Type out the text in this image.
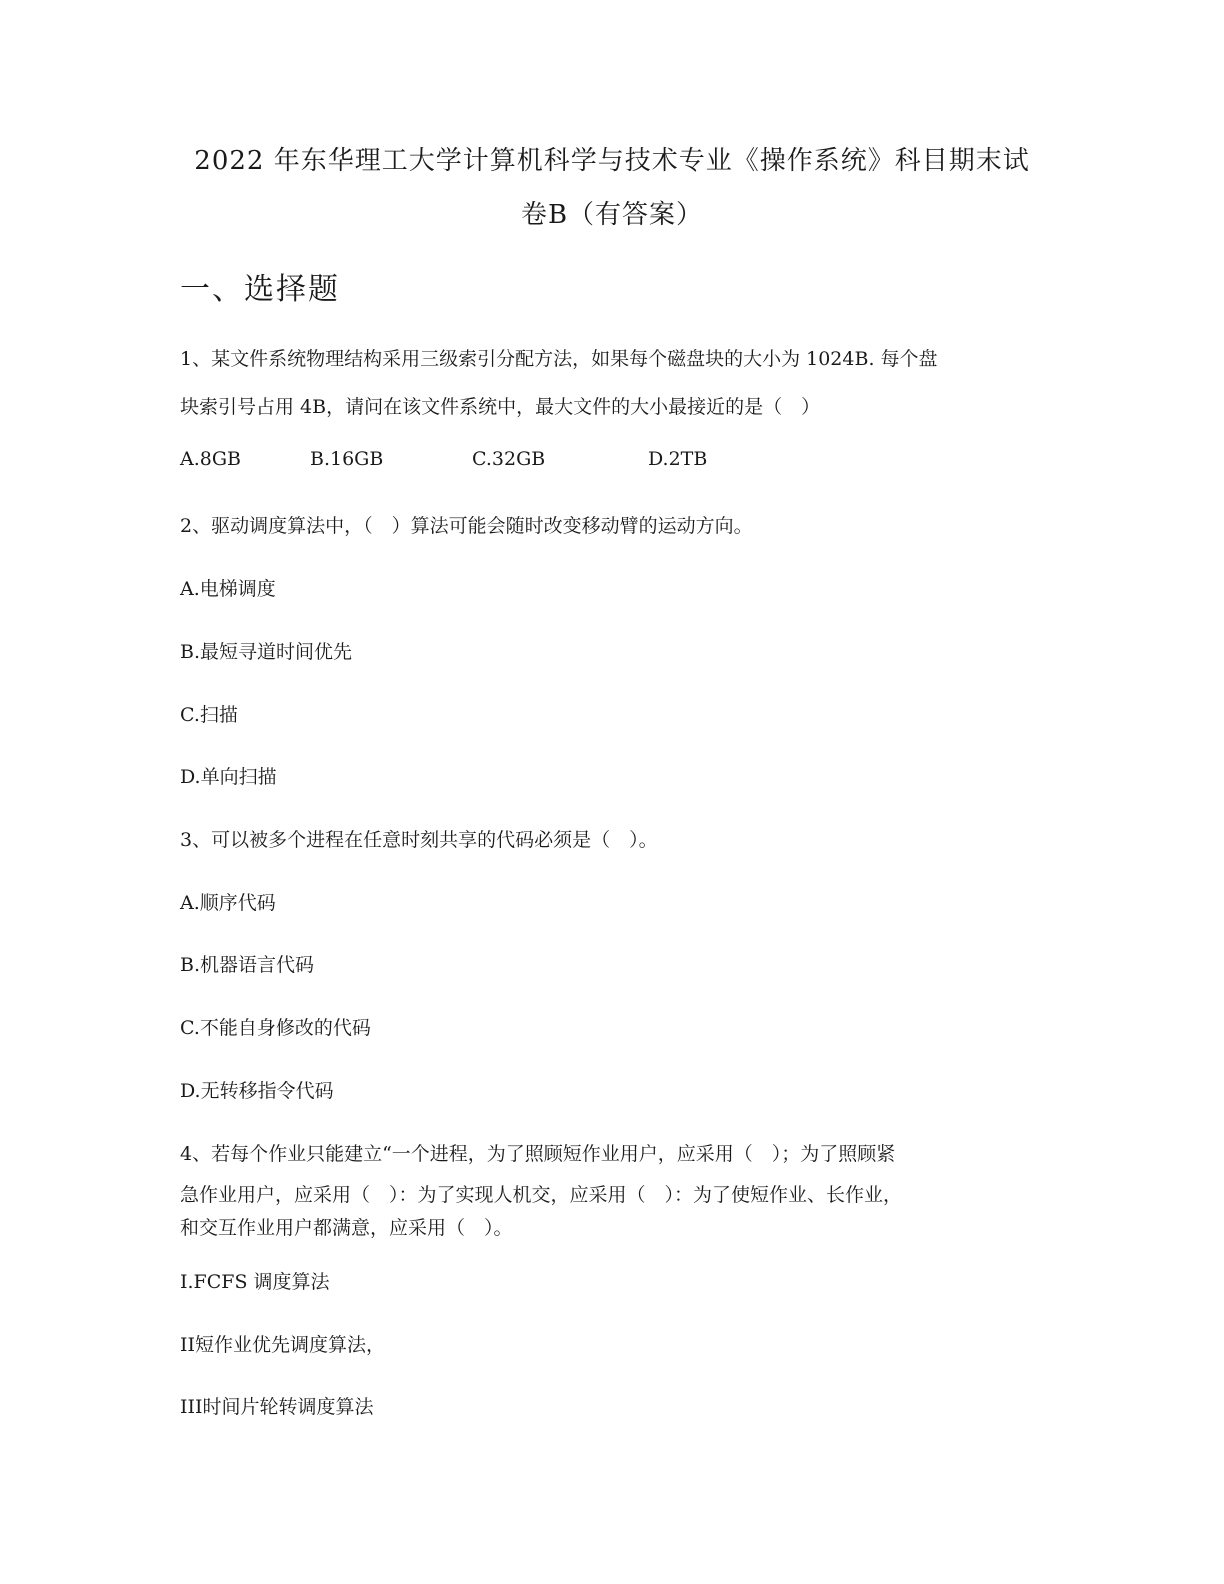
2022 年东华理工大学计算机科学与技术专业《操作系统》科目期末试
卷B（有答案）
一、选择题
1、某文件系统物理结构采用三级索引分配方法，如果每个磁盘块的大小为 1024B. 每个盘
块索引号占用 4B，请问在该文件系统中，最大文件的大小最接近的是（　）
A.8GB	B.16GB	C.32GB	D.2TB
2、驱动调度算法中，（　）算法可能会随时改变移动臂的运动方向。
A.电梯调度
B.最短寻道时间优先
C.扫描
D.单向扫描
3、可以被多个进程在任意时刻共享的代码必须是（　）。
A.顺序代码
B.机器语言代码
C.不能自身修改的代码
D.无转移指令代码
4、若每个作业只能建立“一个进程，为了照顾短作业用户，应采用（　）；为了照顾紧
急作业用户，应采用（　）：为了实现人机交，应采用（　）：为了使短作业、长作业，
和交互作业用户都满意，应采用（　）。
I.FCFS 调度算法
II短作业优先调度算法，
III时间片轮转调度算法
